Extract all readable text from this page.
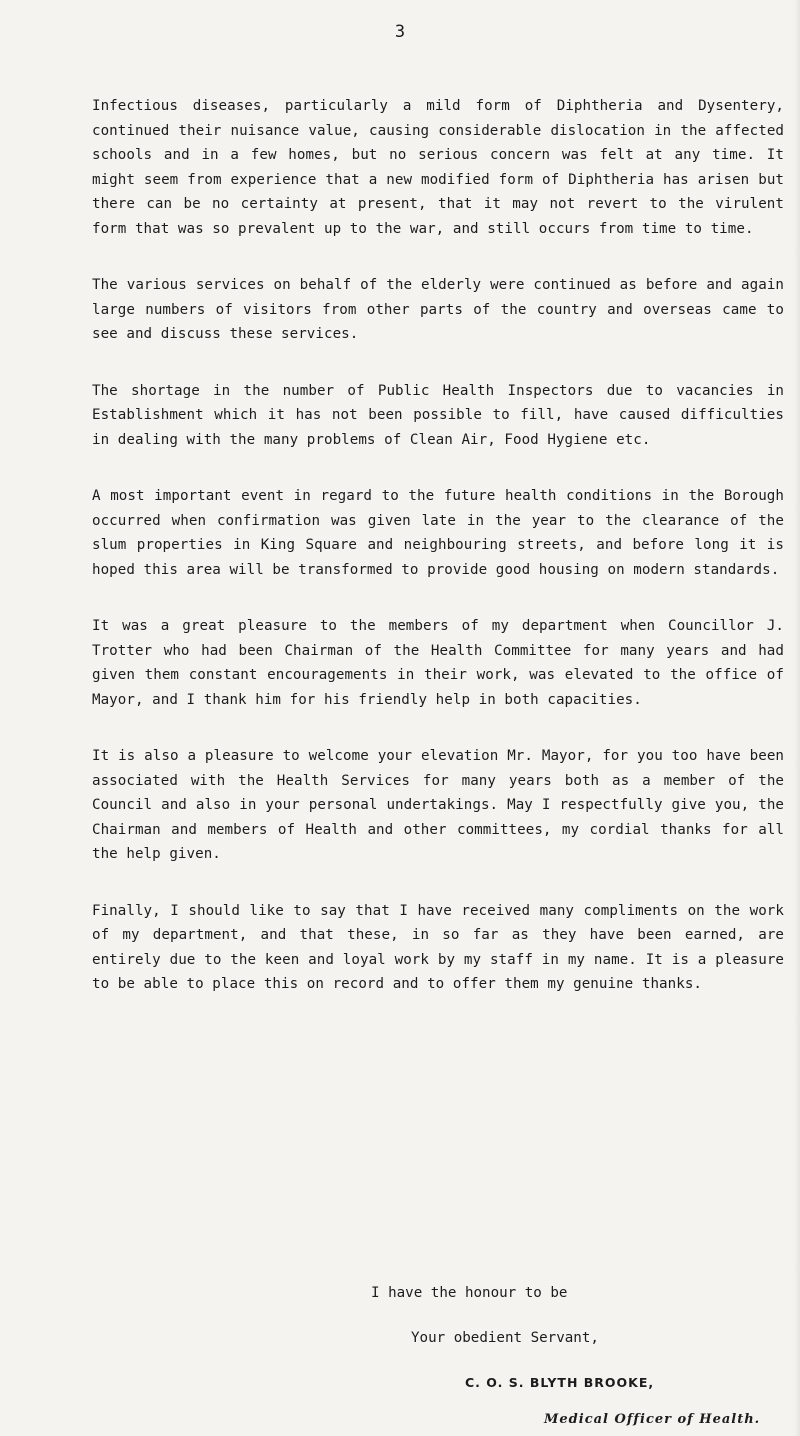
3

Infectious diseases, particularly a mild form of Diphtheria and Dysentery, continued their nuisance value, causing considerable dislocation in the affected schools and in a few homes, but no serious concern was felt at any time. It might seem from experience that a new modified form of Diphtheria has arisen but there can be no certainty at present, that it may not revert to the virulent form that was so prevalent up to the war, and still occurs from time to time.

The various services on behalf of the elderly were continued as before and again large numbers of visitors from other parts of the country and overseas came to see and discuss these services.

The shortage in the number of Public Health Inspectors due to vacancies in Establishment which it has not been possible to fill, have caused difficulties in dealing with the many problems of Clean Air, Food Hygiene etc.

A most important event in regard to the future health conditions in the Borough occurred when confirmation was given late in the year to the clearance of the slum properties in King Square and neighbouring streets, and before long it is hoped this area will be transformed to provide good housing on modern standards.

It was a great pleasure to the members of my department when Councillor J. Trotter who had been Chairman of the Health Committee for many years and had given them constant encouragements in their work, was elevated to the office of Mayor, and I thank him for his friendly help in both capacities.

It is also a pleasure to welcome your elevation Mr. Mayor, for you too have been associated with the Health Services for many years both as a member of the Council and also in your personal undertakings. May I respectfully give you, the Chairman and members of Health and other committees, my cordial thanks for all the help given.

Finally, I should like to say that I have received many compliments on the work of my department, and that these, in so far as they have been earned, are entirely due to the keen and loyal work by my staff in my name. It is a pleasure to be able to place this on record and to offer them my genuine thanks.

I have the honour to be
Your obedient Servant,
C. O. S. BLYTH BROOKE,
Medical Officer of Health.
